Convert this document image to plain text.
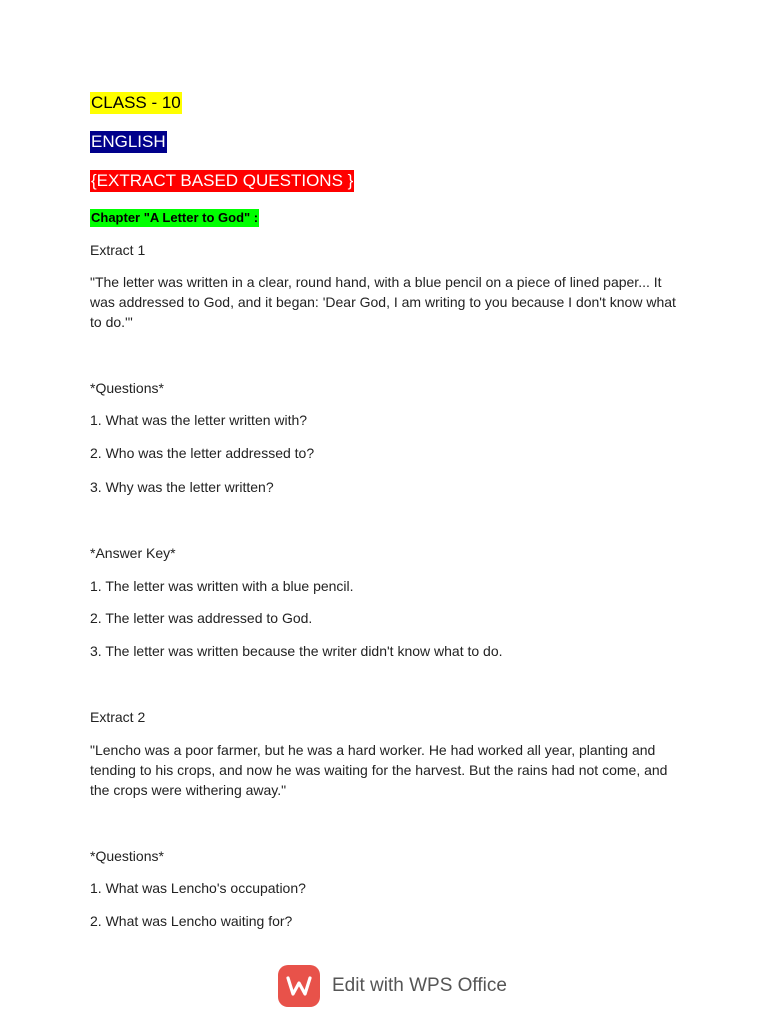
CLASS - 10
ENGLISH
{EXTRACT BASED QUESTIONS }
Chapter "A Letter to God" :
Extract 1
"The letter was written in a clear, round hand, with a blue pencil on a piece of lined paper... It was addressed to God, and it began: 'Dear God, I am writing to you because I don't know what to do.'"
*Questions*
1. What was the letter written with?
2. Who was the letter addressed to?
3. Why was the letter written?
*Answer Key*
1. The letter was written with a blue pencil.
2. The letter was addressed to God.
3. The letter was written because the writer didn't know what to do.
Extract 2
"Lencho was a poor farmer, but he was a hard worker. He had worked all year, planting and tending to his crops, and now he was waiting for the harvest. But the rains had not come, and the crops were withering away."
*Questions*
1. What was Lencho's occupation?
2. What was Lencho waiting for?
Edit with WPS Office
